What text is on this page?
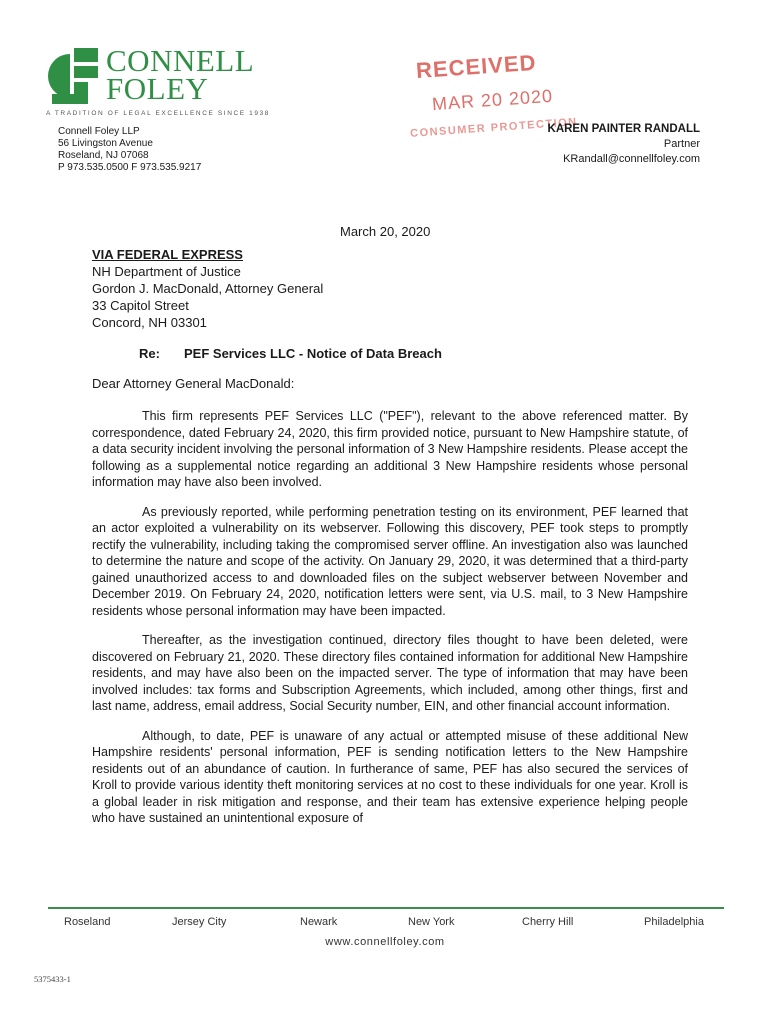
CONNELL
FOLEY
A TRADITION OF LEGAL EXCELLENCE SINCE 1938
Connell Foley LLP
56 Livingston Avenue
Roseland, NJ 07068
P 973.535.0500 F 973.535.9217
RECEIVED
MAR 20 2020
CONSUMER PROTECTION
KAREN PAINTER RANDALL
Partner
KRandall@connellfoley.com
March 20, 2020
VIA FEDERAL EXPRESS
NH Department of Justice
Gordon J. MacDonald, Attorney General
33 Capitol Street
Concord, NH 03301
Re: PEF Services LLC - Notice of Data Breach
Dear Attorney General MacDonald:

This firm represents PEF Services LLC ("PEF"), relevant to the above referenced matter. By correspondence, dated February 24, 2020, this firm provided notice, pursuant to New Hampshire statute, of a data security incident involving the personal information of 3 New Hampshire residents. Please accept the following as a supplemental notice regarding an additional 3 New Hampshire residents whose personal information may have also been involved.

As previously reported, while performing penetration testing on its environment, PEF learned that an actor exploited a vulnerability on its webserver. Following this discovery, PEF took steps to promptly rectify the vulnerability, including taking the compromised server offline. An investigation also was launched to determine the nature and scope of the activity. On January 29, 2020, it was determined that a third-party gained unauthorized access to and downloaded files on the subject webserver between November and December 2019. On February 24, 2020, notification letters were sent, via U.S. mail, to 3 New Hampshire residents whose personal information may have been impacted.

Thereafter, as the investigation continued, directory files thought to have been deleted, were discovered on February 21, 2020. These directory files contained information for additional New Hampshire residents, and may have also been on the impacted server. The type of information that may have been involved includes: tax forms and Subscription Agreements, which included, among other things, first and last name, address, email address, Social Security number, EIN, and other financial account information.

Although, to date, PEF is unaware of any actual or attempted misuse of these additional New Hampshire residents' personal information, PEF is sending notification letters to the New Hampshire residents out of an abundance of caution. In furtherance of same, PEF has also secured the services of Kroll to provide various identity theft monitoring services at no cost to these individuals for one year. Kroll is a global leader in risk mitigation and response, and their team has extensive experience helping people who have sustained an unintentional exposure of

Roseland	Jersey City	Newark	New York	Cherry Hill	Philadelphia
www.connellfoley.com
5375433-1
